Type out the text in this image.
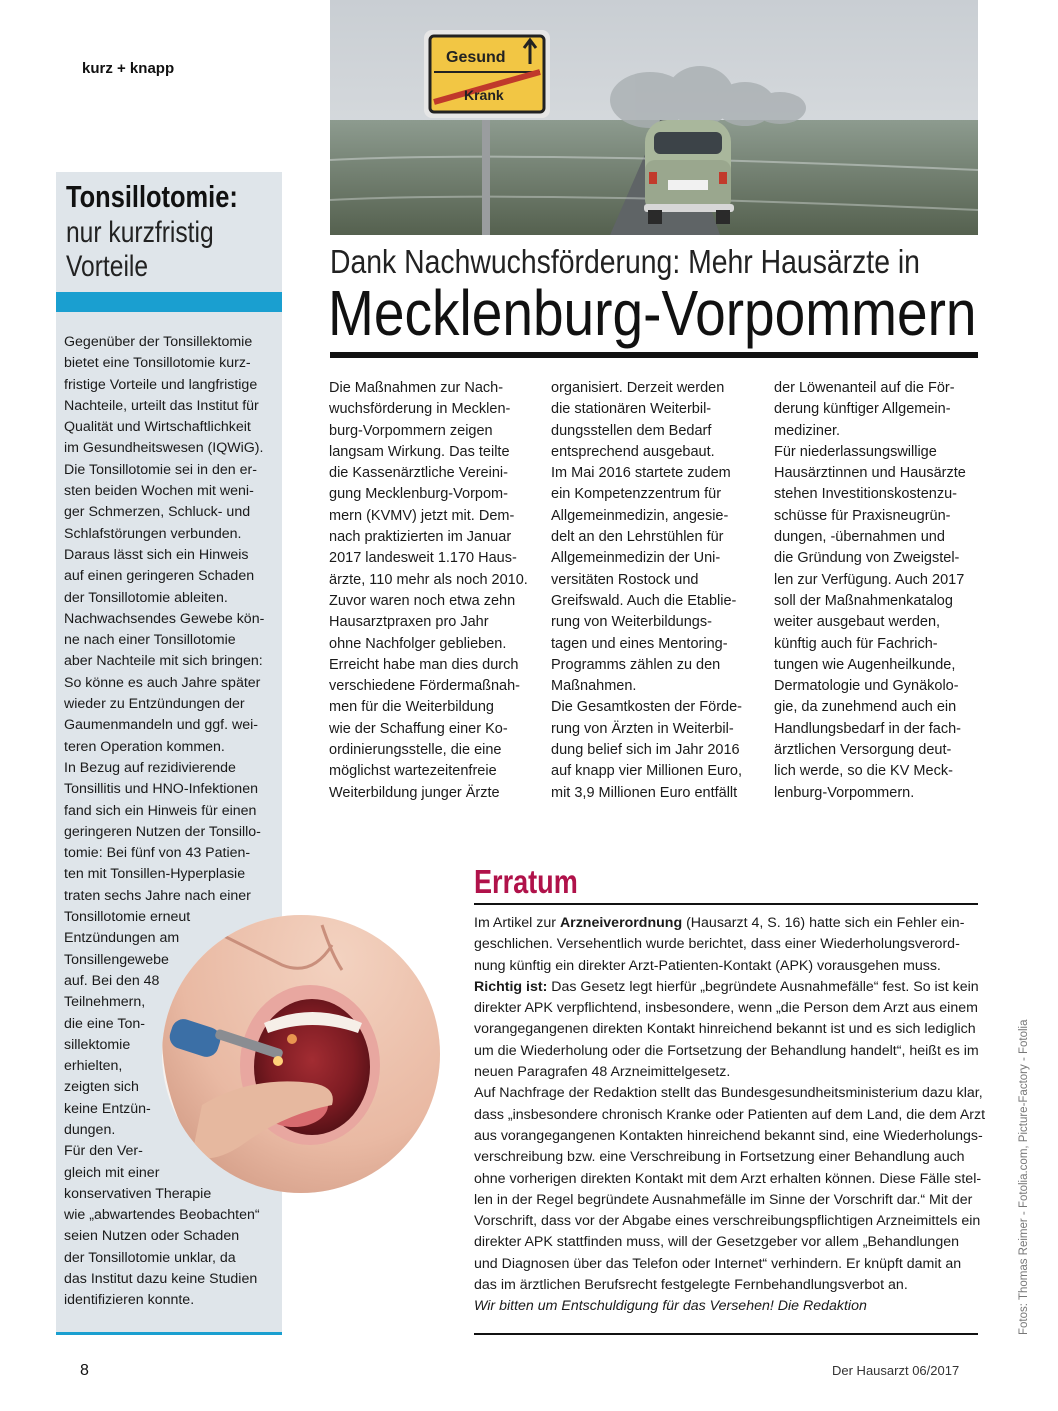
kurz + knapp
Tonsillotomie:
nur kurzfristig
Vorteile
Gegenüber der Tonsillektomie
bietet eine Tonsillotomie kurz-
fristige Vorteile und langfristige
Nachteile, urteilt das Institut für
Qualität und Wirtschaftlichkeit
im Gesundheitswesen (IQWiG).
Die Tonsillotomie sei in den er-
sten beiden Wochen mit weni-
ger Schmerzen, Schluck- und
Schlafstörungen verbunden.
Daraus lässt sich ein Hinweis
auf einen geringeren Schaden
der Tonsillotomie ableiten.
Nachwachsendes Gewebe kön-
ne nach einer Tonsillotomie
aber Nachteile mit sich bringen:
So könne es auch Jahre später
wieder zu Entzündungen der
Gaumenmandeln und ggf. wei-
teren Operation kommen.
In Bezug auf rezidivierende
Tonsillitis und HNO-Infektionen
fand sich ein Hinweis für einen
geringeren Nutzen der Tonsillo-
tomie: Bei fünf von 43 Patien-
ten mit Tonsillen-Hyperplasie
traten sechs Jahre nach einer
Tonsillotomie erneut
Entzündungen am
Tonsillengewebe
auf. Bei den 48
Teilnehmern,
die eine Ton-
sillektomie
erhielten,
zeigten sich
keine Entzün-
dungen.
Für den Ver-
gleich mit einer
konservativen Therapie
wie „abwartendes Beobachten“
seien Nutzen oder Schaden
der Tonsillotomie unklar, da
das Institut dazu keine Studien
identifizieren konnte.
Gesund
Krank
Dank Nachwuchsförderung: Mehr Hausärzte in
Mecklenburg-Vorpommern
Die Maßnahmen zur Nach-
wuchsförderung in Mecklen-
burg-Vorpommern zeigen
langsam Wirkung. Das teilte
die Kassenärztliche Vereini-
gung Mecklenburg-Vorpom-
mern (KVMV) jetzt mit. Dem-
nach praktizierten im Januar
2017 landesweit 1.170 Haus-
ärzte, 110 mehr als noch 2010.
Zuvor waren noch etwa zehn
Hausarztpraxen pro Jahr
ohne Nachfolger geblieben.
Erreicht habe man dies durch
verschiedene Fördermaßnah-
men für die Weiterbildung
wie der Schaffung einer Ko-
ordinierungsstelle, die eine
möglichst wartezeitenfreie
Weiterbildung junger Ärzte
organisiert. Derzeit werden
die stationären Weiterbil-
dungsstellen dem Bedarf
entsprechend ausgebaut.
Im Mai 2016 startete zudem
ein Kompetenzzentrum für
Allgemeinmedizin, angesie-
delt an den Lehrstühlen für
Allgemeinmedizin der Uni-
versitäten Rostock und
Greifswald. Auch die Etablie-
rung von Weiterbildungs-
tagen und eines Mentoring-
Programms zählen zu den
Maßnahmen.
Die Gesamtkosten der Förde-
rung von Ärzten in Weiterbil-
dung belief sich im Jahr 2016
auf knapp vier Millionen Euro,
mit 3,9 Millionen Euro entfällt
der Löwenanteil auf die För-
derung künftiger Allgemein-
mediziner.
Für niederlassungswillige
Hausärztinnen und Hausärzte
stehen Investitionskostenzu-
schüsse für Praxisneugrün-
dungen, -übernahmen und
die Gründung von Zweigstel-
len zur Verfügung. Auch 2017
soll der Maßnahmenkatalog
weiter ausgebaut werden,
künftig auch für Fachrich-
tungen wie Augenheilkunde,
Dermatologie und Gynäkolo-
gie, da zunehmend auch ein
Handlungsbedarf in der fach-
ärztlichen Versorgung deut-
lich werde, so die KV Meck-
lenburg-Vorpommern.
Erratum
Im Artikel zur Arzneiverordnung (Hausarzt 4, S. 16) hatte sich ein Fehler ein-
geschlichen. Versehentlich wurde berichtet, dass einer Wiederholungsverord-
nung künftig ein direkter Arzt-Patienten-Kontakt (APK) vorausgehen muss.
Richtig ist: Das Gesetz legt hierfür „begründete Ausnahmefälle“ fest. So ist kein
direkter APK verpflichtend, insbesondere, wenn „die Person dem Arzt aus einem
vorangegangenen direkten Kontakt hinreichend bekannt ist und es sich lediglich
um die Wiederholung oder die Fortsetzung der Behandlung handelt“, heißt es im
neuen Paragrafen 48 Arzneimittelgesetz.
Auf Nachfrage der Redaktion stellt das Bundesgesundheitsministerium dazu klar,
dass „insbesondere chronisch Kranke oder Patienten auf dem Land, die dem Arzt
aus vorangegangenen Kontakten hinreichend bekannt sind, eine Wiederholungs-
verschreibung bzw. eine Verschreibung in Fortsetzung einer Behandlung auch
ohne vorherigen direkten Kontakt mit dem Arzt erhalten können. Diese Fälle stel-
len in der Regel begründete Ausnahmefälle im Sinne der Vorschrift dar.“ Mit der
Vorschrift, dass vor der Abgabe eines verschreibungspflichtigen Arzneimittels ein
direkter APK stattfinden muss, will der Gesetzgeber vor allem „Behandlungen
und Diagnosen über das Telefon oder Internet“ verhindern. Er knüpft damit an
das im ärztlichen Berufsrecht festgelegte Fernbehandlungsverbot an.
Wir bitten um Entschuldigung für das Versehen! Die Redaktion	Fotos: Thomas Reimer - Fotolia.com, Picture-Factory - Fotolia
8	Der Hausarzt 06/2017
